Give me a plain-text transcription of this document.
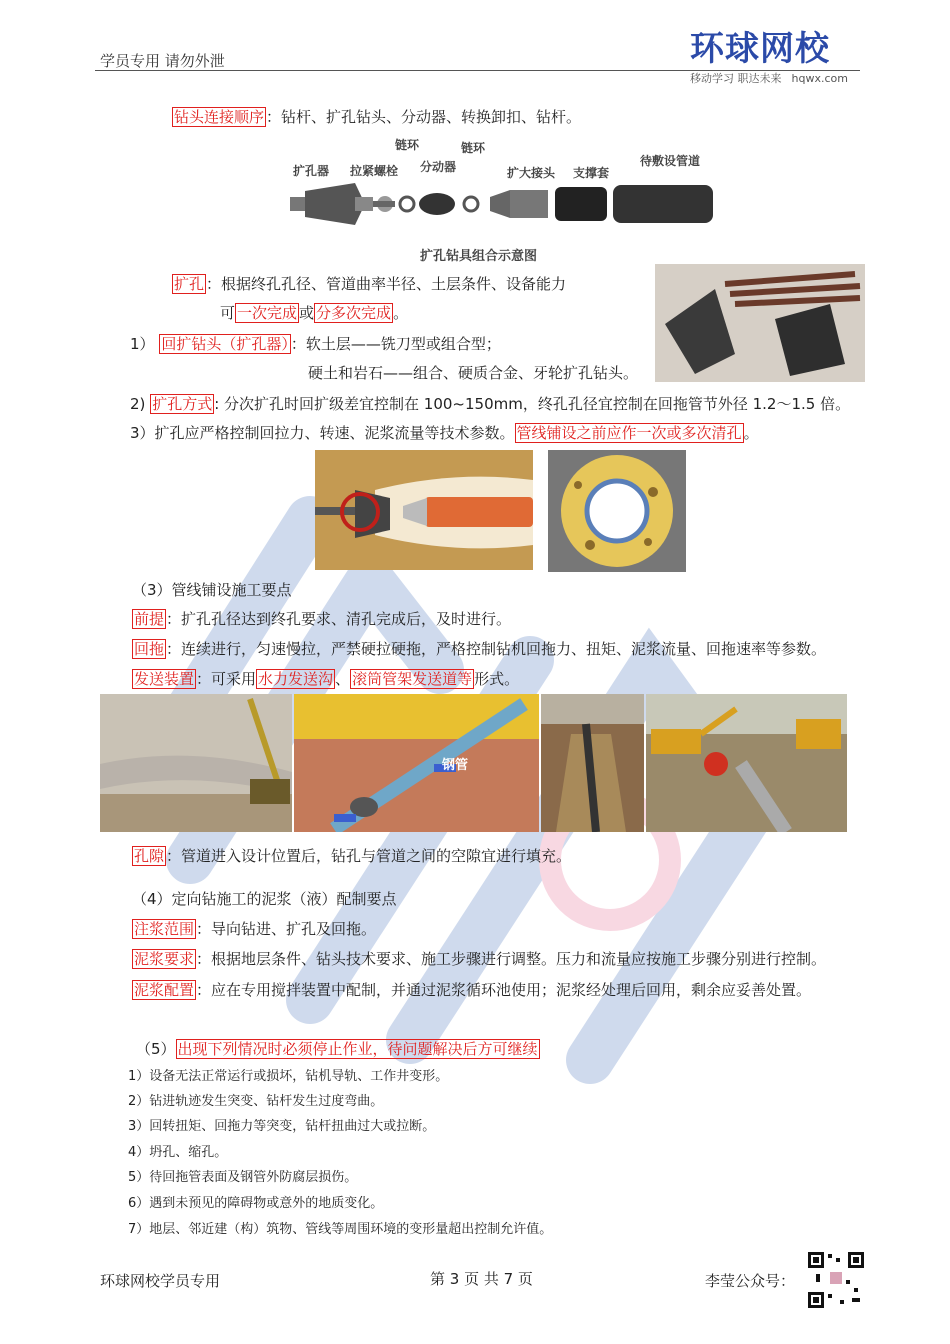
学员专用 请勿外泄	环球网校
移动学习 职达未来 hqwx.com
钻头连接顺序 ：钻杆、扩孔钻头、分动器、转换卸扣、钻杆。
扩孔器 拉紧螺栓
链环
分动器
链环
扩大接头 支撑套
待敷设管道
扩孔钻具组合示意图
扩孔 ：根据终孔孔径、管道曲率半径、土层条件、设备能力
可 一次完成 或 分多次完成 。
1） 回扩钻头（扩孔器） ：软土层——铣刀型或组合型；
硬土和岩石——组合、硬质合金、牙轮扩孔钻头。
2) 扩孔方式 : 分次扩孔时回扩级差宜控制在 100~150mm，终孔孔径宜控制在回拖管节外径 1.2～1.5 倍。
3）扩孔应严格控制回拉力、转速、泥浆流量等技术参数。 管线铺设之前应作一次或多次清孔 。
（3）管线铺设施工要点
前提 ：扩孔孔径达到终孔要求、清孔完成后，及时进行。
回拖 ：连续进行，匀速慢拉，严禁硬拉硬拖，严格控制钻机回拖力、扭矩、泥浆流量、回拖速率等参数。
发送装置 ：可采用 水力发送沟 、 滚筒管架发送道等 形式。
钢管
孔隙 ：管道进入设计位置后，钻孔与管道之间的空隙宜进行填充。
（4）定向钻施工的泥浆（液）配制要点
注浆范围 ：导向钻进、扩孔及回拖。
泥浆要求 ：根据地层条件、钻头技术要求、施工步骤进行调整。压力和流量应按施工步骤分别进行控制。
泥浆配置 ：应在专用搅拌装置中配制，并通过泥浆循环池使用；泥浆经处理后回用，剩余应妥善处置。
（5） 出现下列情况时必须停止作业，待问题解决后方可继续
1）设备无法正常运行或损坏，钻机导轨、工作井变形。
2）钻进轨迹发生突变、钻杆发生过度弯曲。
3）回转扭矩、回拖力等突变，钻杆扭曲过大或拉断。
4）坍孔、缩孔。
5）待回拖管表面及钢管外防腐层损伤。
6）遇到未预见的障碍物或意外的地质变化。
7）地层、邻近建（构）筑物、管线等周围环境的变形量超出控制允许值。
环球网校学员专用	第 3 页 共 7 页	李莹公众号：
